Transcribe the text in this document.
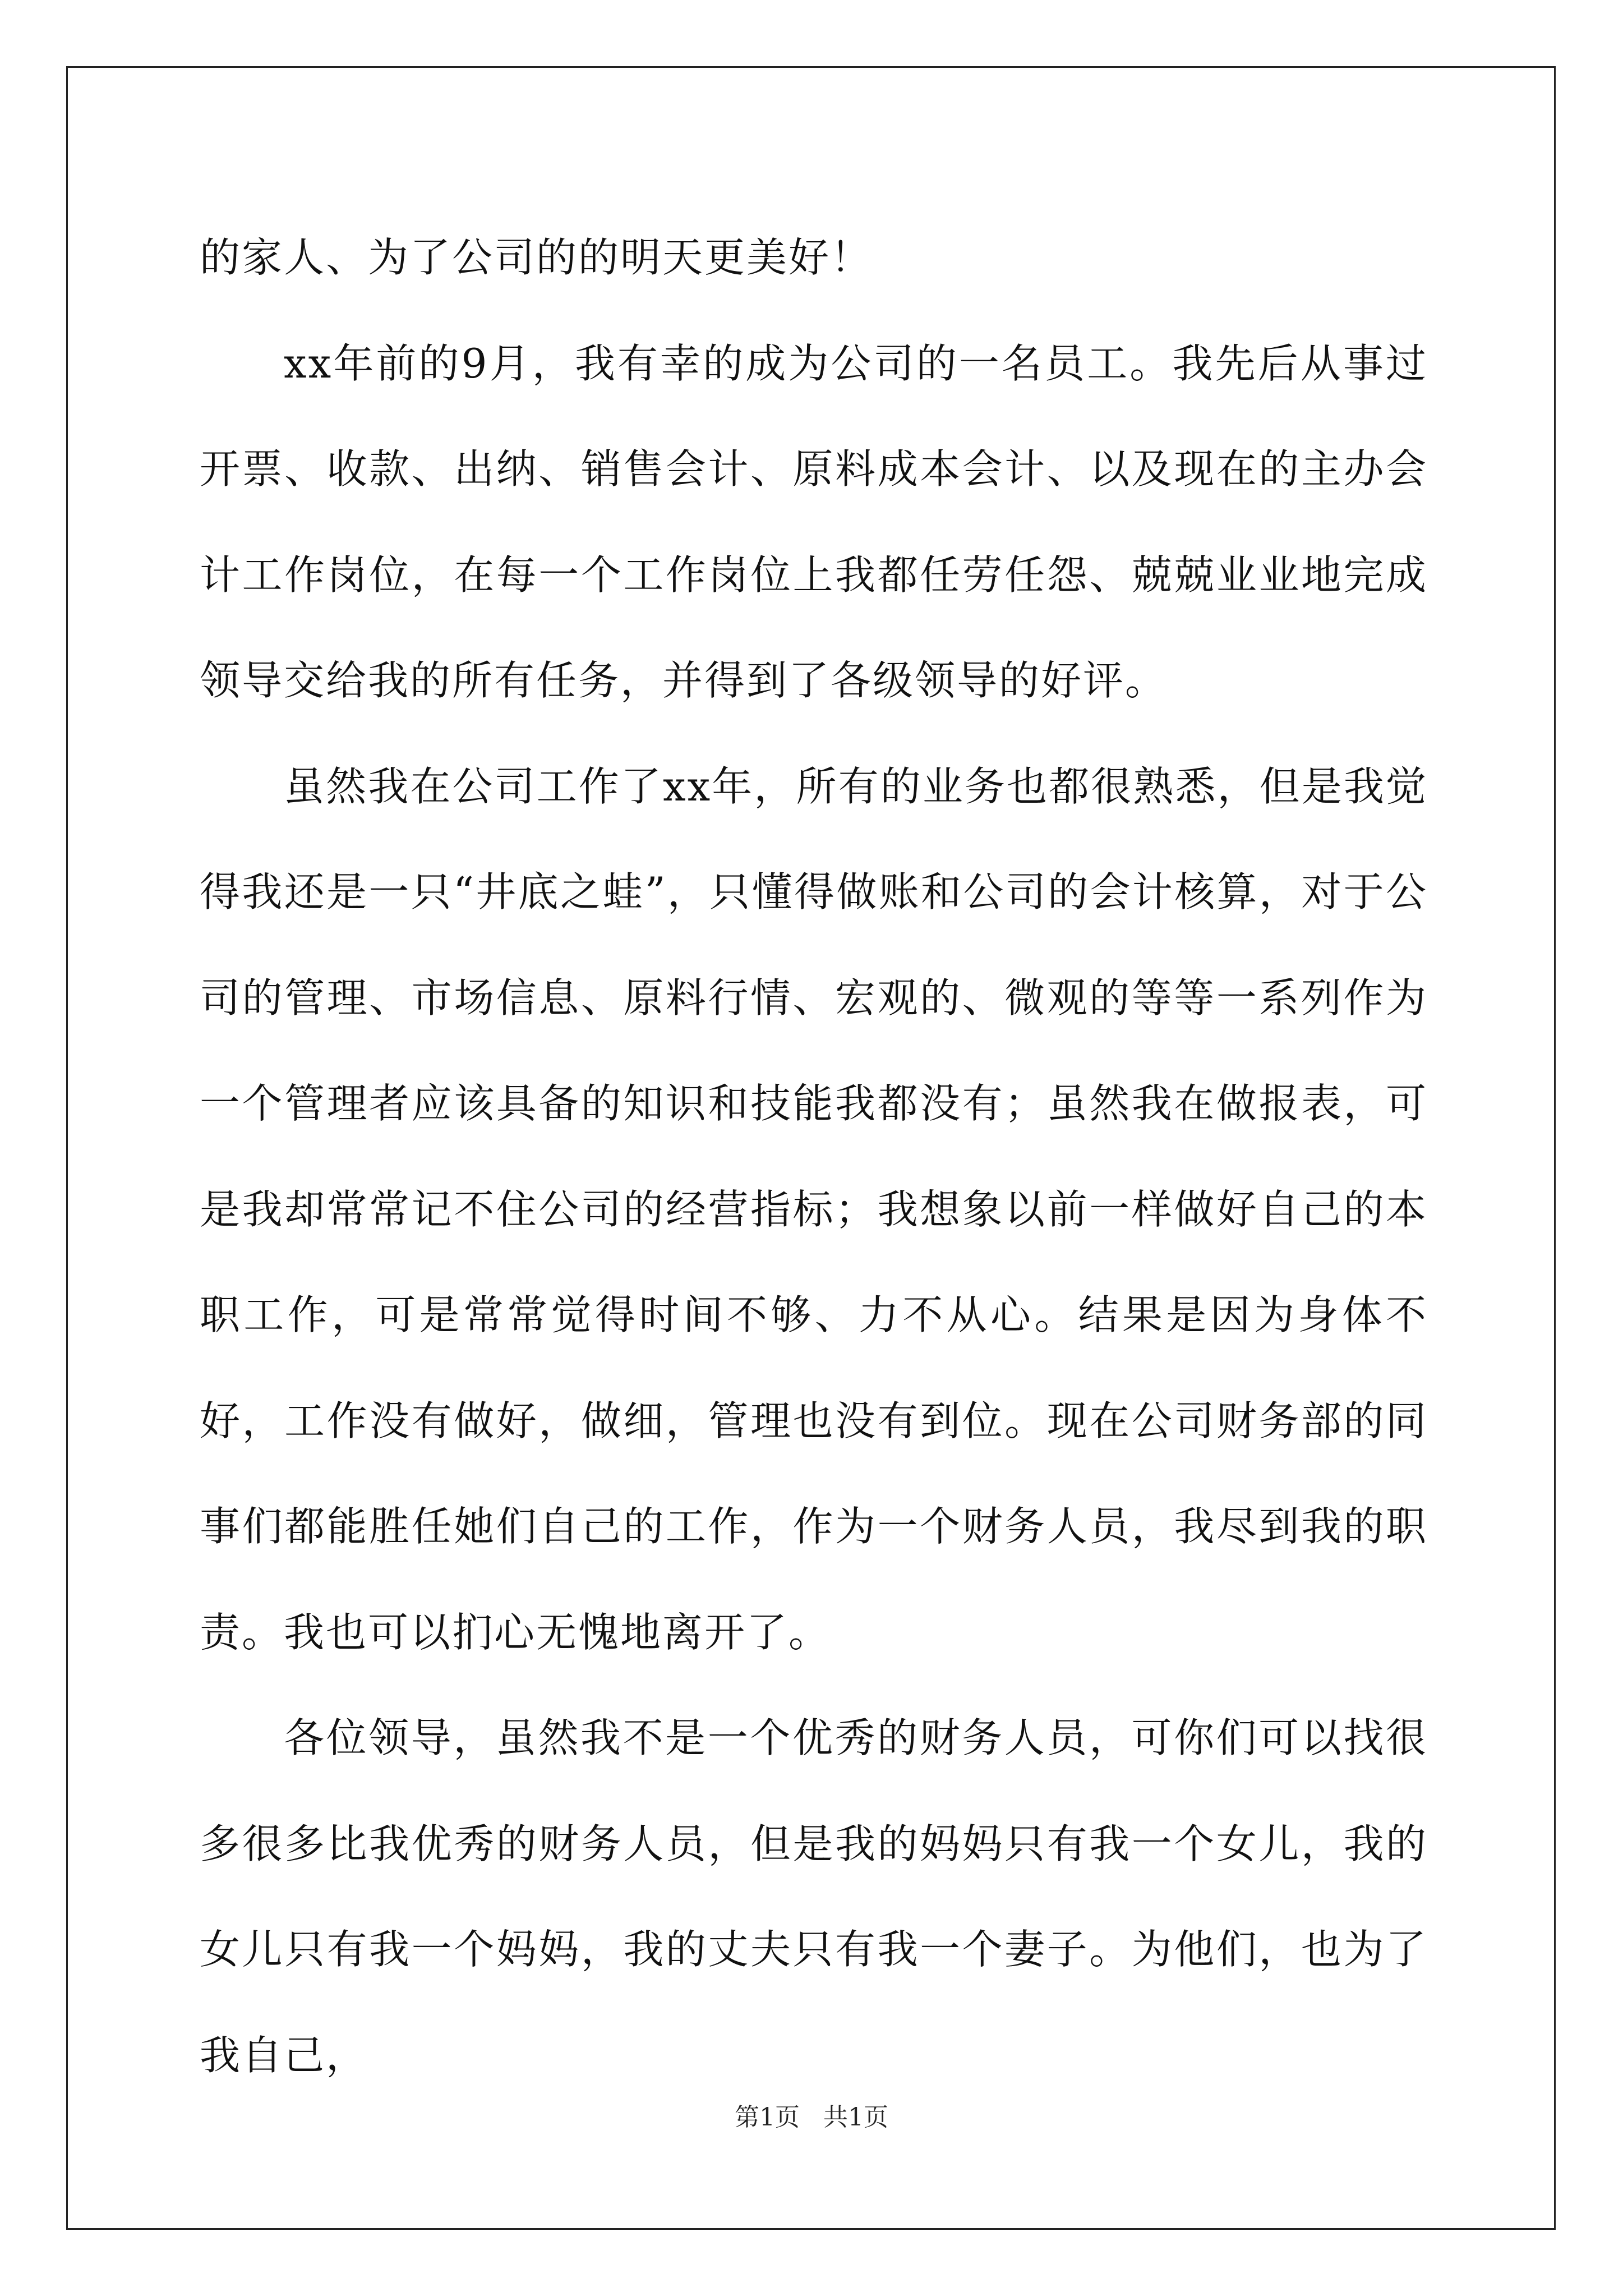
的家人、为了公司的的明天更美好！

xx年前的9月，我有幸的成为公司的一名员工。我先后从事过开票、收款、出纳、销售会计、原料成本会计、以及现在的主办会计工作岗位，在每一个工作岗位上我都任劳任怨、兢兢业业地完成领导交给我的所有任务，并得到了各级领导的好评。

虽然我在公司工作了xx年，所有的业务也都很熟悉，但是我觉得我还是一只“井底之蛙”，只懂得做账和公司的会计核算，对于公司的管理、市场信息、原料行情、宏观的、微观的等等一系列作为一个管理者应该具备的知识和技能我都没有；虽然我在做报表，可是我却常常记不住公司的经营指标；我想象以前一样做好自己的本职工作，可是常常觉得时间不够、力不从心。结果是因为身体不好，工作没有做好，做细，管理也没有到位。现在公司财务部的同事们都能胜任她们自己的工作，作为一个财务人员，我尽到我的职责。我也可以扪心无愧地离开了。

各位领导，虽然我不是一个优秀的财务人员，可你们可以找很多很多比我优秀的财务人员，但是我的妈妈只有我一个女儿，我的女儿只有我一个妈妈，我的丈夫只有我一个妻子。为他们，也为了我自己，

第1页 共1页
